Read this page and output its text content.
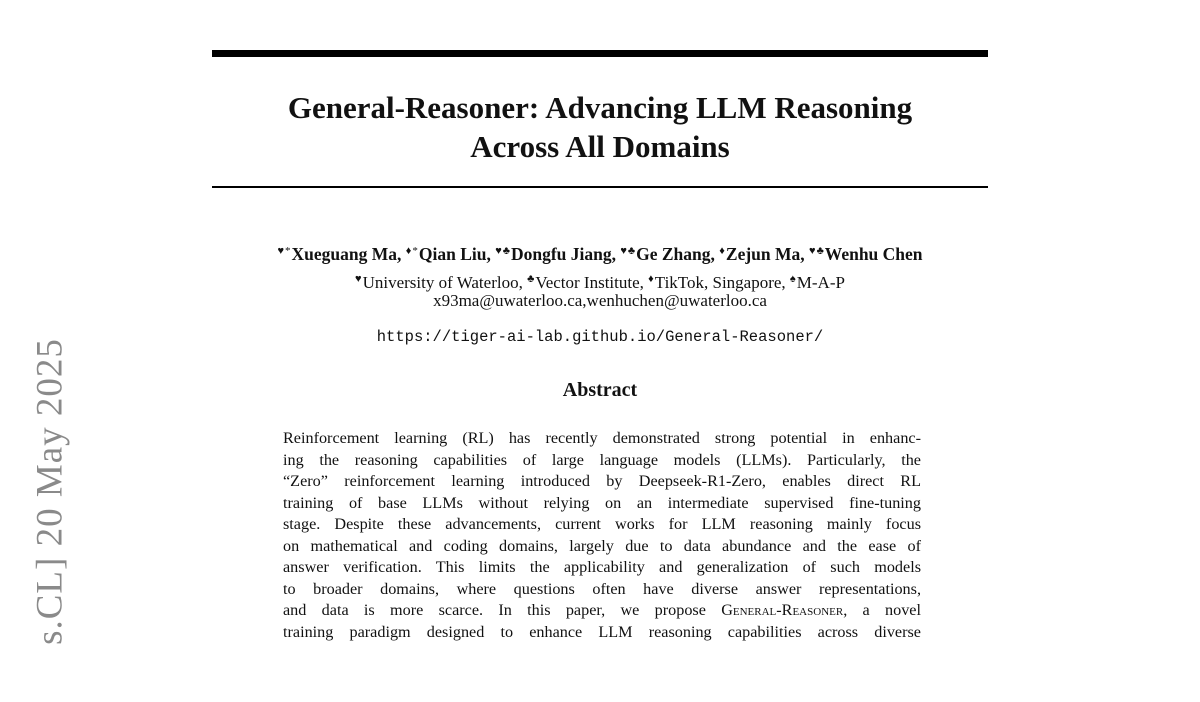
General-Reasoner: Advancing LLM Reasoning
Across All Domains
♥*Xueguang Ma, ♦*Qian Liu, ♥♣Dongfu Jiang, ♥♣Ge Zhang, ♦Zejun Ma, ♥♣Wenhu Chen
♥University of Waterloo, ♣Vector Institute, ♦TikTok, Singapore, ♠M-A-P
x93ma@uwaterloo.ca,wenhuchen@uwaterloo.ca
https://tiger-ai-lab.github.io/General-Reasoner/
Abstract
Reinforcement learning (RL) has recently demonstrated strong potential in enhanc-
ing the reasoning capabilities of large language models (LLMs). Particularly, the
“Zero” reinforcement learning introduced by Deepseek-R1-Zero, enables direct RL
training of base LLMs without relying on an intermediate supervised fine-tuning
stage. Despite these advancements, current works for LLM reasoning mainly focus
on mathematical and coding domains, largely due to data abundance and the ease of
answer verification. This limits the applicability and generalization of such models
to broader domains, where questions often have diverse answer representations,
and data is more scarce. In this paper, we propose General-Reasoner, a novel
training paradigm designed to enhance LLM reasoning capabilities across diverse
s.CL] 20 May 2025
